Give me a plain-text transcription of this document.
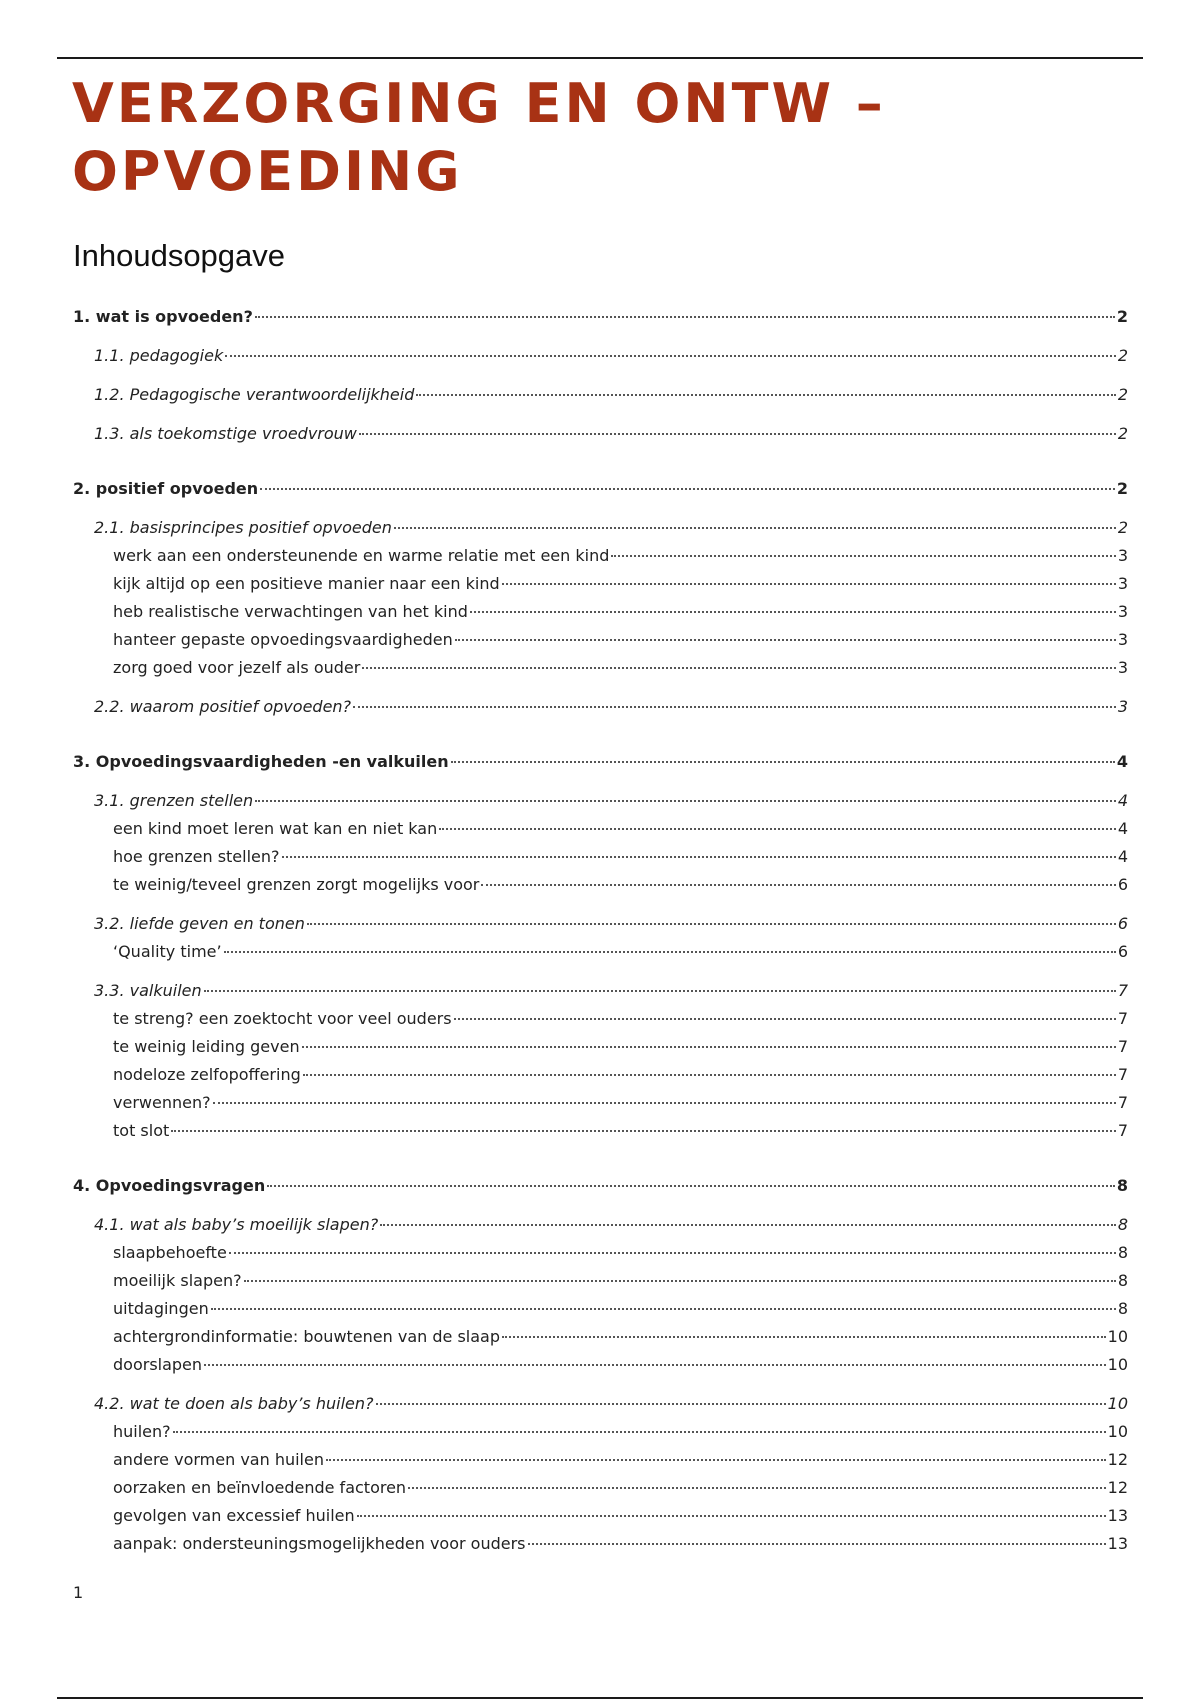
VERZORGING EN ONTW –
OPVOEDING
Inhoudsopgave
1. wat is opvoeden?	2
1.1. pedagogiek	2
1.2. Pedagogische verantwoordelijkheid	2
1.3. als toekomstige vroedvrouw	2
2. positief opvoeden	2
2.1. basisprincipes positief opvoeden	2
werk aan een ondersteunende en warme relatie met een kind	3
kijk altijd op een positieve manier naar een kind	3
heb realistische verwachtingen van het kind	3
hanteer gepaste opvoedingsvaardigheden	3
zorg goed voor jezelf als ouder	3
2.2. waarom positief opvoeden?	3
3. Opvoedingsvaardigheden -en valkuilen	4
3.1. grenzen stellen	4
een kind moet leren wat kan en niet kan	4
hoe grenzen stellen?	4
te weinig/teveel grenzen zorgt mogelijks voor	6
3.2. liefde geven en tonen	6
‘Quality time’	6
3.3. valkuilen	7
te streng? een zoektocht voor veel ouders	7
te weinig leiding geven	7
nodeloze zelfopoffering	7
verwennen?	7
tot slot	7
4. Opvoedingsvragen	8
4.1. wat als baby’s moeilijk slapen?	8
slaapbehoefte	8
moeilijk slapen?	8
uitdagingen	8
achtergrondinformatie: bouwtenen van de slaap	10
doorslapen	10
4.2. wat te doen als baby’s huilen?	10
huilen?	10
andere vormen van huilen	12
oorzaken en beïnvloedende factoren	12
gevolgen van excessief huilen	13
aanpak: ondersteuningsmogelijkheden voor ouders	13
1
